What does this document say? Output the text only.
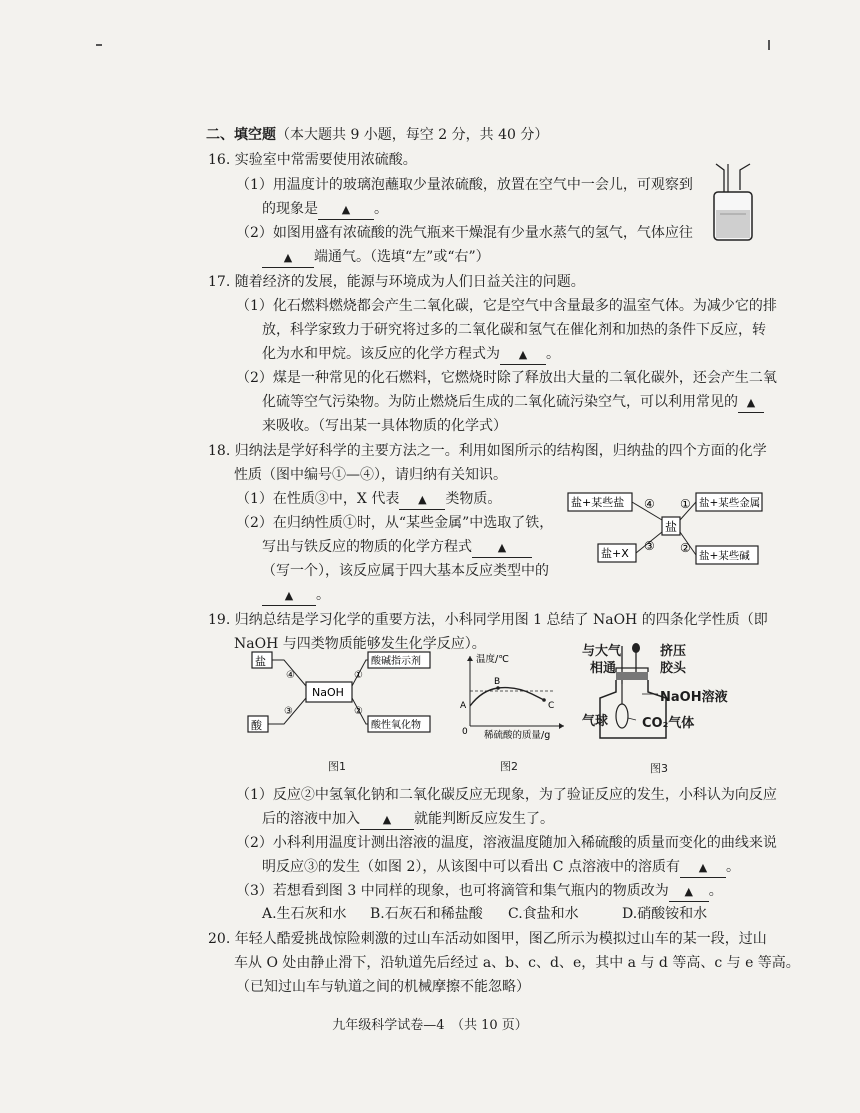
二、填空题（本大题共 9 小题，每空 2 分，共 40 分）
16. 实验室中常需要使用浓硫酸。
（1）用温度计的玻璃泡蘸取少量浓硫酸，放置在空气中一会儿，可观察到
的现象是 ▲ 。
（2）如图用盛有浓硫酸的洗气瓶来干燥混有少量水蒸气的氢气，气体应往
▲ 端通气。（选填“左”或“右”）
17. 随着经济的发展，能源与环境成为人们日益关注的问题。
（1）化石燃料燃烧都会产生二氧化碳，它是空气中含量最多的温室气体。为减少它的排
放，科学家致力于研究将过多的二氧化碳和氢气在催化剂和加热的条件下反应，转
化为水和甲烷。该反应的化学方程式为 ▲ 。
（2）煤是一种常见的化石燃料，它燃烧时除了释放出大量的二氧化碳外，还会产生二氧
化硫等空气污染物。为防止燃烧后生成的二氧化硫污染空气，可以利用常见的 ▲
来吸收。（写出某一具体物质的化学式）
18. 归纳法是学好科学的主要方法之一。利用如图所示的结构图，归纳盐的四个方面的化学
性质（图中编号①—④），请归纳有关知识。
（1）在性质③中，X 代表 ▲ 类物质。
（2）在归纳性质①时，从“某些金属”中选取了铁，
写出与铁反应的物质的化学方程式 ▲
（写一个），该反应属于四大基本反应类型中的
▲ 。
盐+某些盐
盐
盐+X
盐+某些金属
盐+某些碱
④ ①
③ ②
19. 归纳总结是学习化学的重要方法，小科同学用图 1 总结了 NaOH 的四条化学性质（即
NaOH 与四类物质能够发生化学反应）。
盐
酸
NaOH
酸碱指示剂
酸性氧化物
④	①
③	②
图1
温度/℃
稀硫酸的质量/g
0
A
B
C
图2
与大气
相通
挤压
胶头
NaOH溶液
气球	CO₂气体
图3
（1）反应②中氢氧化钠和二氧化碳反应无现象，为了验证反应的发生，小科认为向反应
后的溶液中加入 ▲ 就能判断反应发生了。
（2）小科利用温度计测出溶液的温度，溶液温度随加入稀硫酸的质量而变化的曲线来说
明反应③的发生（如图 2），从该图中可以看出 C 点溶液中的溶质有 ▲ 。
（3）若想看到图 3 中同样的现象，也可将滴管和集气瓶内的物质改为 ▲ 。
A.生石灰和水 B.石灰石和稀盐酸 C.食盐和水	D.硝酸铵和水
20. 年轻人酷爱挑战惊险刺激的过山车活动如图甲，图乙所示为模拟过山车的某一段，过山
车从 O 处由静止滑下，沿轨道先后经过 a、b、c、d、e，其中 a 与 d 等高、c 与 e 等高。
（已知过山车与轨道之间的机械摩擦不能忽略）
九年级科学试卷—4　（共 10 页）
